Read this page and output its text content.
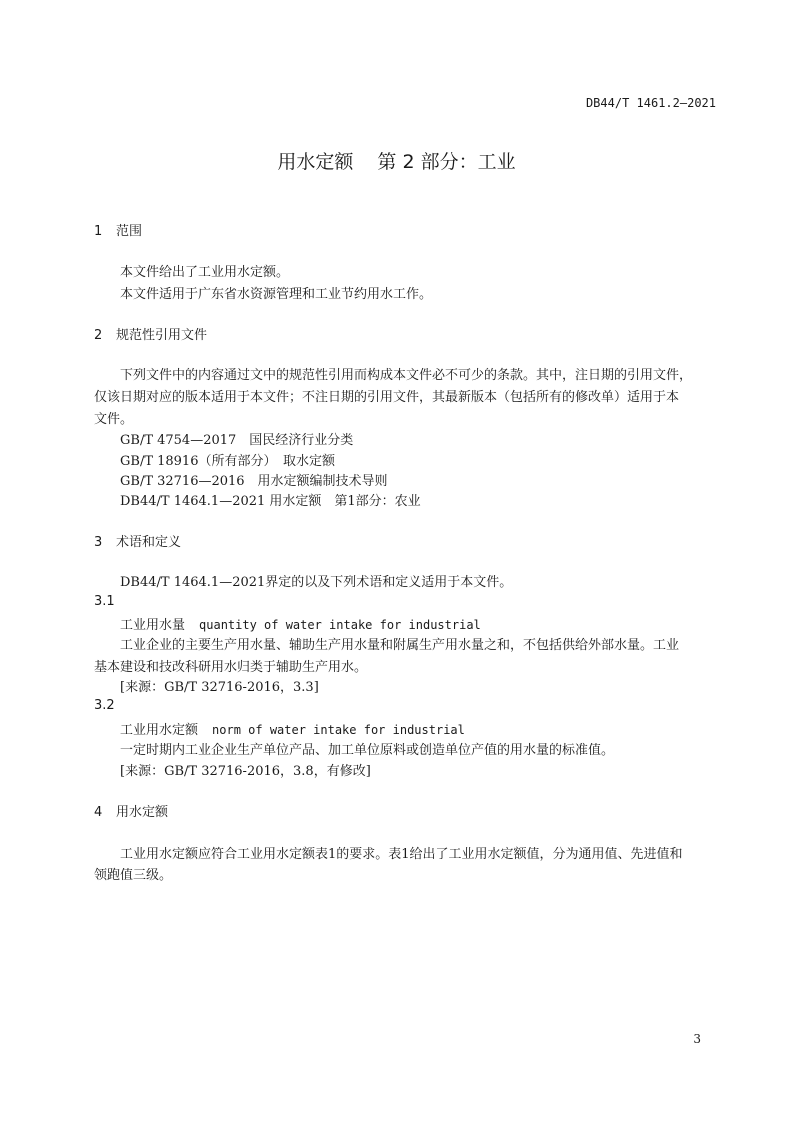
DB44/T 1461.2—2021
用水定额 第 2 部分：工业
1 范围
本文件给出了工业用水定额。
本文件适用于广东省水资源管理和工业节约用水工作。
2 规范性引用文件
下列文件中的内容通过文中的规范性引用而构成本文件必不可少的条款。其中，注日期的引用文件，
仅该日期对应的版本适用于本文件；不注日期的引用文件，其最新版本（包括所有的修改单）适用于本
文件。
GB/T 4754—2017　国民经济行业分类
GB/T 18916（所有部分）　取水定额
GB/T 32716—2016　用水定额编制技术导则
DB44/T 1464.1—2021 用水定额　第1部分：农业
3 术语和定义
DB44/T 1464.1—2021界定的以及下列术语和定义适用于本文件。
3.1
工业用水量 quantity of water intake for industrial
工业企业的主要生产用水量、辅助生产用水量和附属生产用水量之和，不包括供给外部水量。工业
基本建设和技改科研用水归类于辅助生产用水。
[来源：GB/T 32716-2016，3.3]
3.2
工业用水定额 norm of water intake for industrial
一定时期内工业企业生产单位产品、加工单位原料或创造单位产值的用水量的标准值。
[来源：GB/T 32716-2016，3.8，有修改]
4 用水定额
工业用水定额应符合工业用水定额表1的要求。表1给出了工业用水定额值，分为通用值、先进值和
领跑值三级。
3
